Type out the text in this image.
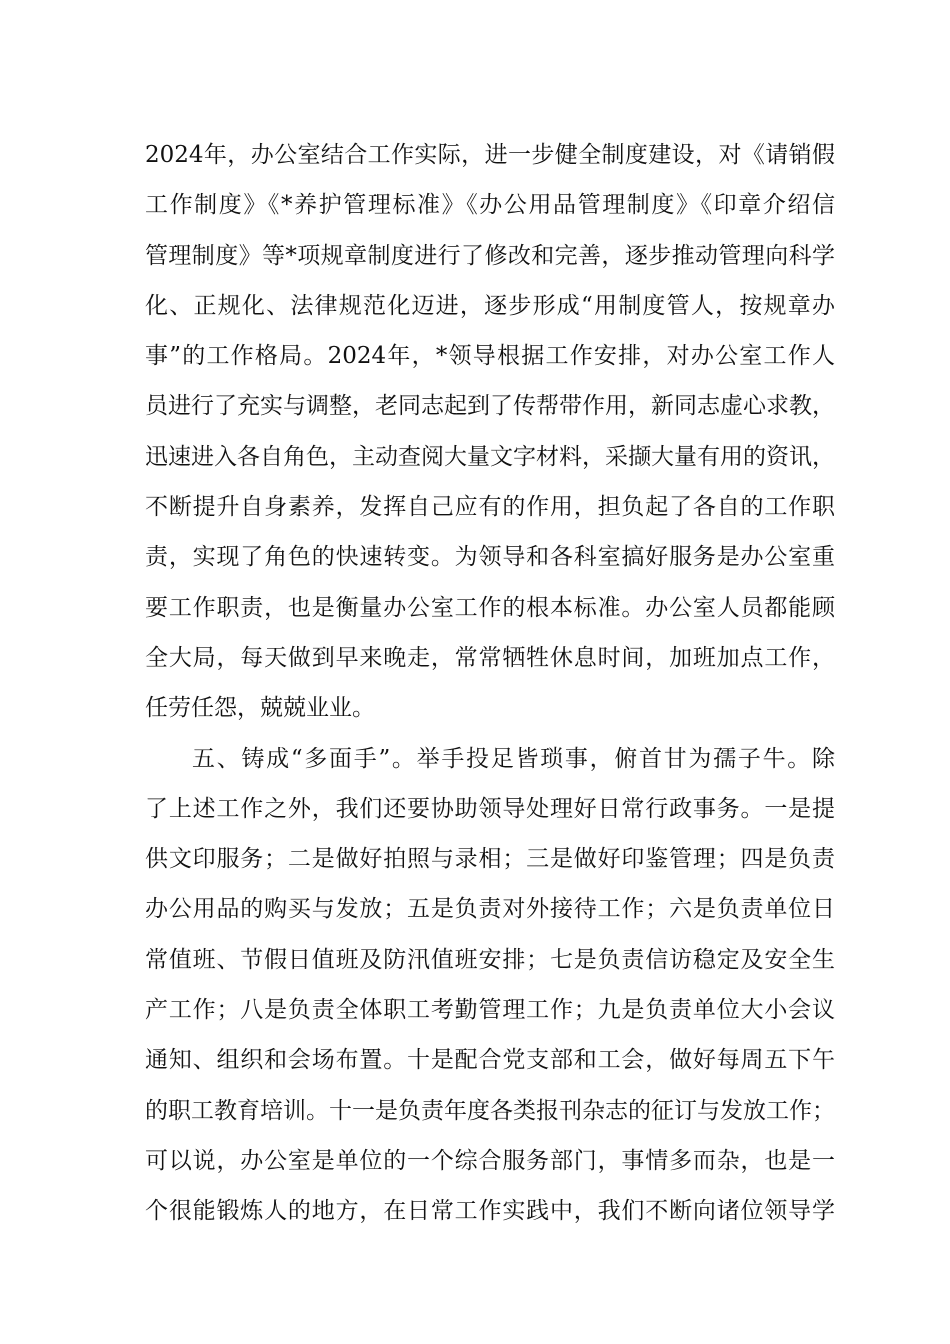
2024年，办公室结合工作实际，进一步健全制度建设，对《请销假
工作制度》《*养护管理标准》《办公用品管理制度》《印章介绍信
管理制度》等*项规章制度进行了修改和完善，逐步推动管理向科学
化、正规化、法律规范化迈进，逐步形成“用制度管人，按规章办
事”的工作格局。2024年，*领导根据工作安排，对办公室工作人
员进行了充实与调整，老同志起到了传帮带作用，新同志虚心求教，
迅速进入各自角色，主动查阅大量文字材料，采撷大量有用的资讯，
不断提升自身素养，发挥自己应有的作用，担负起了各自的工作职
责，实现了角色的快速转变。为领导和各科室搞好服务是办公室重
要工作职责，也是衡量办公室工作的根本标准。办公室人员都能顾
全大局，每天做到早来晚走，常常牺牲休息时间，加班加点工作，
任劳任怨，兢兢业业。
五、铸成“多面手”。举手投足皆琐事，俯首甘为孺子牛。除
了上述工作之外，我们还要协助领导处理好日常行政事务。一是提
供文印服务；二是做好拍照与录相；三是做好印鉴管理；四是负责
办公用品的购买与发放；五是负责对外接待工作；六是负责单位日
常值班、节假日值班及防汛值班安排；七是负责信访稳定及安全生
产工作；八是负责全体职工考勤管理工作；九是负责单位大小会议
通知、组织和会场布置。十是配合党支部和工会，做好每周五下午
的职工教育培训。十一是负责年度各类报刊杂志的征订与发放工作；
可以说，办公室是单位的一个综合服务部门，事情多而杂，也是一
个很能锻炼人的地方，在日常工作实践中，我们不断向诸位领导学
